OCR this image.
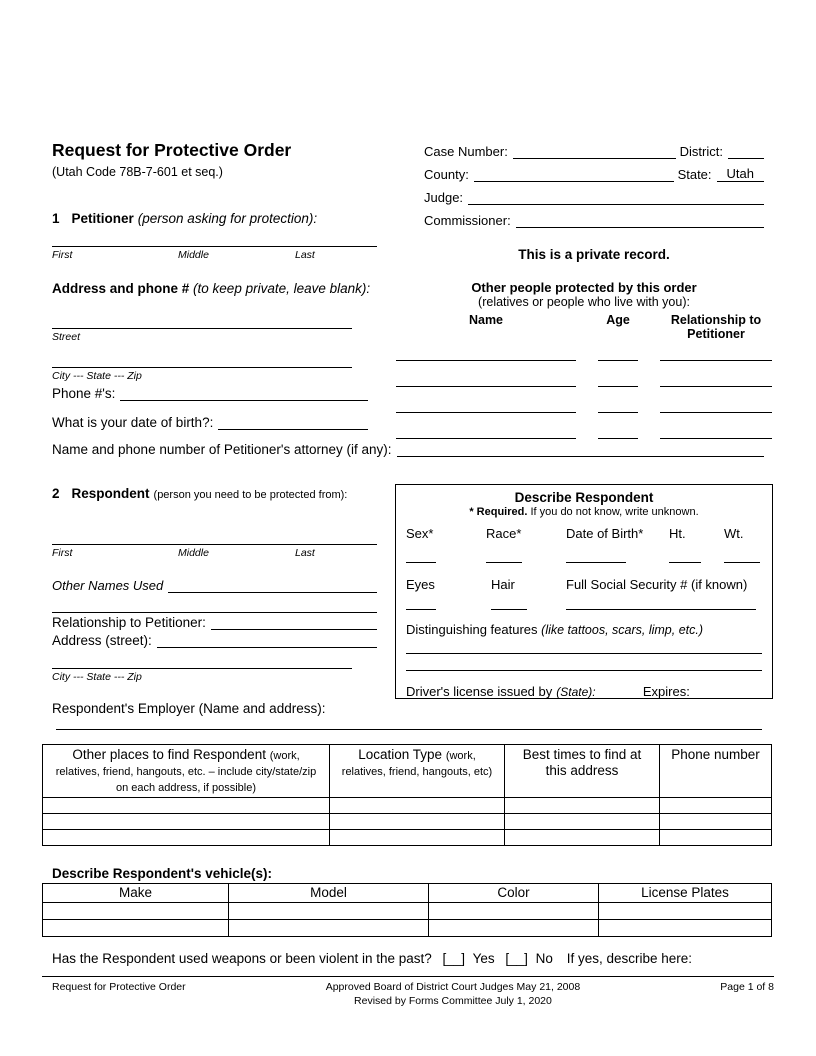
Request for Protective Order
(Utah Code 78B-7-601 et seq.)
Case Number:	District:
County:	State:	Utah
Judge:
Commissioner:
1 Petitioner (person asking for protection):
First	Middle	Last	This is a private record.
Address and phone # (to keep private, leave blank):	Other people protected by this order
(relatives or people who live with you):
Name	Age	Relationship to Petitioner
Street
City --- State --- Zip
Phone #'s:
What is your date of birth?:
Name and phone number of Petitioner's attorney (if any):
2 Respondent (person you need to be protected from):
First	Middle	Last
Other Names Used
Relationship to Petitioner:
Address (street):
City --- State --- Zip
Describe Respondent
* Required. If you do not know, write unknown.
Sex*	Race*	Date of Birth*	Ht.	Wt.
Eyes	Hair	Full Social Security # (if known)
Distinguishing features (like tattoos, scars, limp, etc.)
Driver's license issued by (State):	Expires:
Respondent's Employer (Name and address):
Other places to find Respondent (work, relatives, friend, hangouts, etc. – include city/state/zip on each address, if possible)	Location Type (work, relatives, friend, hangouts, etc)	Best times to find at this address	Phone number

Describe Respondent's vehicle(s):
Make	Model	Color	License Plates

Has the Respondent used weapons or been violent in the past? [__] Yes [__] No If yes, describe here:
Request for Protective Order	Approved Board of District Court Judges May 21, 2008
Revised by Forms Committee July 1, 2020
Page 1 of 8
